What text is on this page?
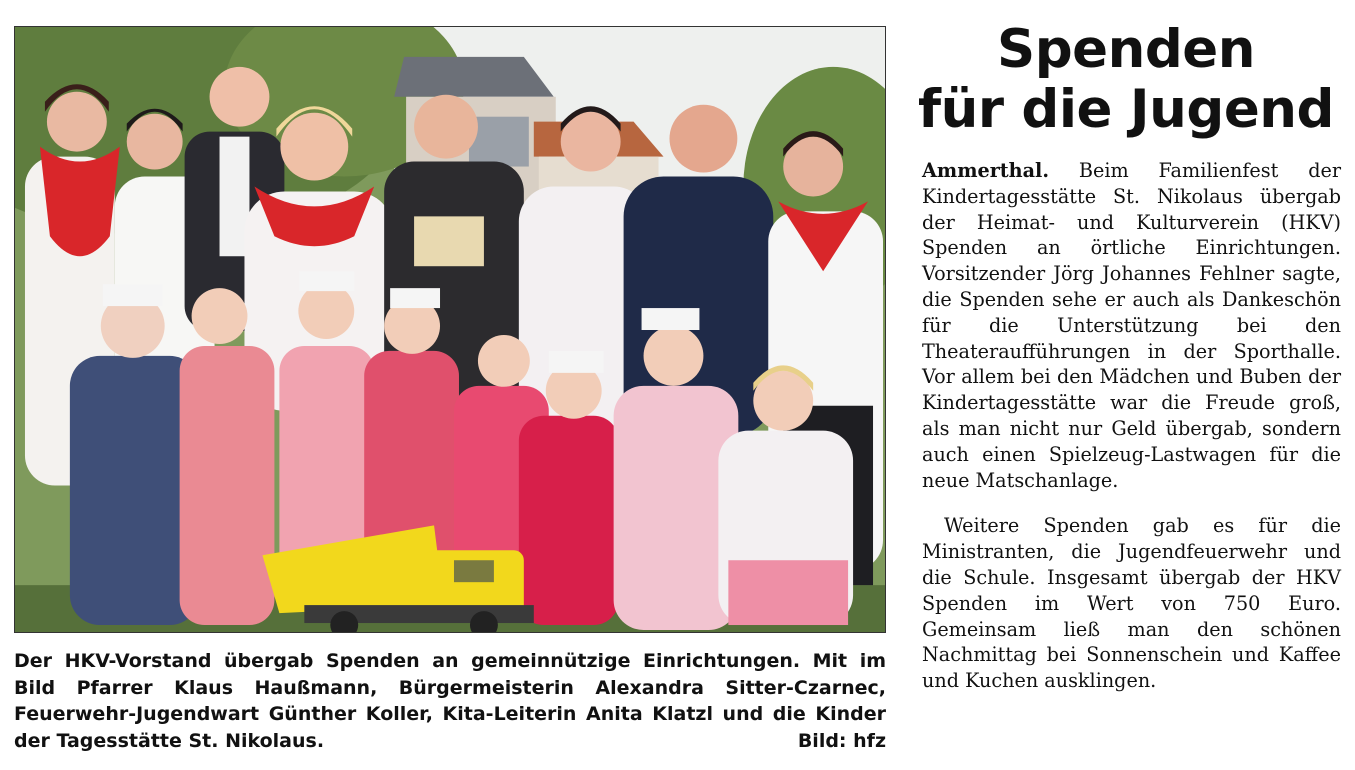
Der HKV-Vorstand übergab Spenden an gemeinnützige Einrichtungen. Mit im Bild Pfarrer Klaus Haußmann, Bürgermeisterin Alexandra Sitter-Czarnec, Feuerwehr-Jugendwart Günther Koller, Kita-Leiterin Anita Klatzl und die Kinder der Tagesstätte St. Nikolaus.	Bild: hfz

Spenden
für die Jugend

Ammerthal. Beim Familienfest der Kindertagesstätte St. Nikolaus übergab der Heimat- und Kulturverein (HKV) Spenden an örtliche Einrichtungen. Vorsitzender Jörg Johannes Fehlner sagte, die Spenden sehe er auch als Dankeschön für die Unterstützung bei den Theateraufführungen in der Sporthalle. Vor allem bei den Mädchen und Buben der Kindertagesstätte war die Freude groß, als man nicht nur Geld übergab, sondern auch einen Spielzeug-Lastwagen für die neue Matschanlage.

Weitere Spenden gab es für die Ministranten, die Jugendfeuerwehr und die Schule. Insgesamt übergab der HKV Spenden im Wert von 750 Euro. Gemeinsam ließ man den schönen Nachmittag bei Sonnenschein und Kaffee und Kuchen ausklingen.
